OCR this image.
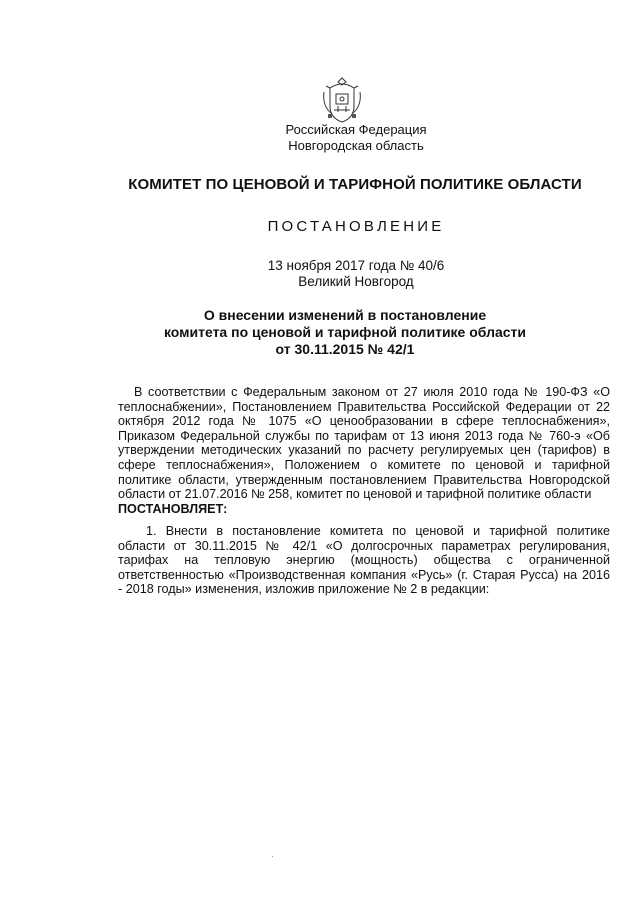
Российская Федерация
Новгородская область
КОМИТЕТ ПО ЦЕНОВОЙ И ТАРИФНОЙ ПОЛИТИКЕ ОБЛАСТИ
ПОСТАНОВЛЕНИЕ
13 ноября 2017 года № 40/6
Великий Новгород
О внесении изменений в постановление
комитета по ценовой и тарифной политике области
от 30.11.2015 № 42/1
В соответствии с Федеральным законом от 27 июля 2010 года № 190-ФЗ «О
теплоснабжении», Постановлением Правительства Российской Федерации от 22
октября 2012 года № 1075 «О ценообразовании в сфере теплоснабжения»,
Приказом Федеральной службы по тарифам от 13 июня 2013 года № 760-э «Об
утверждении методических указаний по расчету регулируемых цен (тарифов) в
сфере теплоснабжения», Положением о комитете по ценовой и тарифной
политике области, утвержденным постановлением Правительства Новгородской
области от 21.07.2016 № 258, комитет по ценовой и тарифной политике области
ПОСТАНОВЛЯЕТ:
1. Внести в постановление комитета по ценовой и тарифной политике
области от 30.11.2015 № 42/1 «О долгосрочных параметрах регулирования,
тарифах на тепловую энергию (мощность) общества с ограниченной
ответственностью «Производственная компания «Русь» (г. Старая Русса) на 2016
- 2018 годы» изменения, изложив приложение № 2 в редакции:
